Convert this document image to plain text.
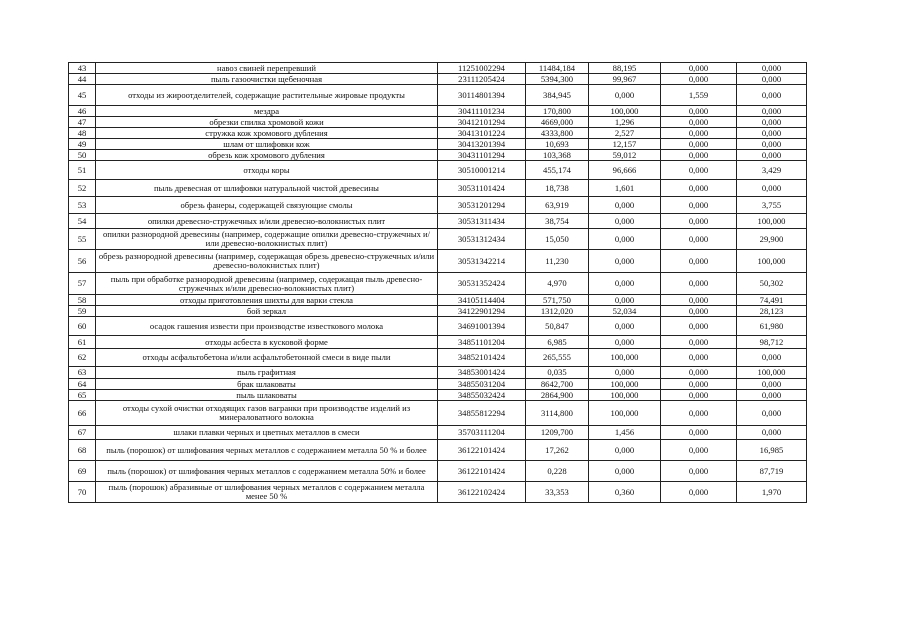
43	навоз свиней перепревший	11251002294	11484,184	88,195	0,000	0,000
44	пыль газоочистки щебеночная	23111205424	5394,300	99,967	0,000	0,000
45	отходы из жироотделителей, содержащие растительные жировые продукты	30114801394	384,945	0,000	1,559	0,000
46	мездра	30411101234	170,800	100,000	0,000	0,000
47	обрезки спилка хромовой кожи	30412101294	4669,000	1,296	0,000	0,000
48	стружка кож хромового дубления	30413101224	4333,800	2,527	0,000	0,000
49	шлам от шлифовки кож	30413201394	10,693	12,157	0,000	0,000
50	обрезь кож хромового дубления	30431101294	103,368	59,012	0,000	0,000
51	отходы коры	30510001214	455,174	96,666	0,000	3,429
52	пыль древесная от шлифовки натуральной чистой древесины	30531101424	18,738	1,601	0,000	0,000
53	обрезь фанеры, содержащей связующие смолы	30531201294	63,919	0,000	0,000	3,755
54	опилки древесно-стружечных и/или древесно-волокнистых плит	30531311434	38,754	0,000	0,000	100,000
55	опилки разнородной древесины (например, содержащие опилки древесно-стружечных и/или древесно-волокнистых плит)	30531312434	15,050	0,000	0,000	29,900
56	обрезь разнородной древесины (например, содержащая обрезь древесно-стружечных и/или древесно-волокнистых плит)	30531342214	11,230	0,000	0,000	100,000
57	пыль при обработке разнородной древесины (например, содержащая пыль древесно-стружечных и/или древесно-волокнистых плит)	30531352424	4,970	0,000	0,000	50,302
58	отходы приготовления шихты для варки стекла	34105114404	571,750	0,000	0,000	74,491
59	бой зеркал	34122901294	1312,020	52,034	0,000	28,123
60	осадок гашения извести при производстве известкового молока	34691001394	50,847	0,000	0,000	61,980
61	отходы асбеста в кусковой форме	34851101204	6,985	0,000	0,000	98,712
62	отходы асфальтобетона и/или асфальтобетонной смеси в виде пыли	34852101424	265,555	100,000	0,000	0,000
63	пыль графитная	34853001424	0,035	0,000	0,000	100,000
64	брак шлаковаты	34855031204	8642,700	100,000	0,000	0,000
65	пыль шлаковаты	34855032424	2864,900	100,000	0,000	0,000
66	отходы сухой очистки отходящих газов вагранки при производстве изделий из минераловатного волокна	34855812294	3114,800	100,000	0,000	0,000
67	шлаки плавки черных и цветных металлов в смеси	35703111204	1209,700	1,456	0,000	0,000
68	пыль (порошок) от шлифования черных металлов с содержанием металла 50 % и более	36122101424	17,262	0,000	0,000	16,985
69	пыль (порошок) от шлифования черных металлов с содержанием металла 50% и более	36122101424	0,228	0,000	0,000	87,719
70	пыль (порошок) абразивные от шлифования черных металлов с содержанием металла менее 50 %	36122102424	33,353	0,360	0,000	1,970
